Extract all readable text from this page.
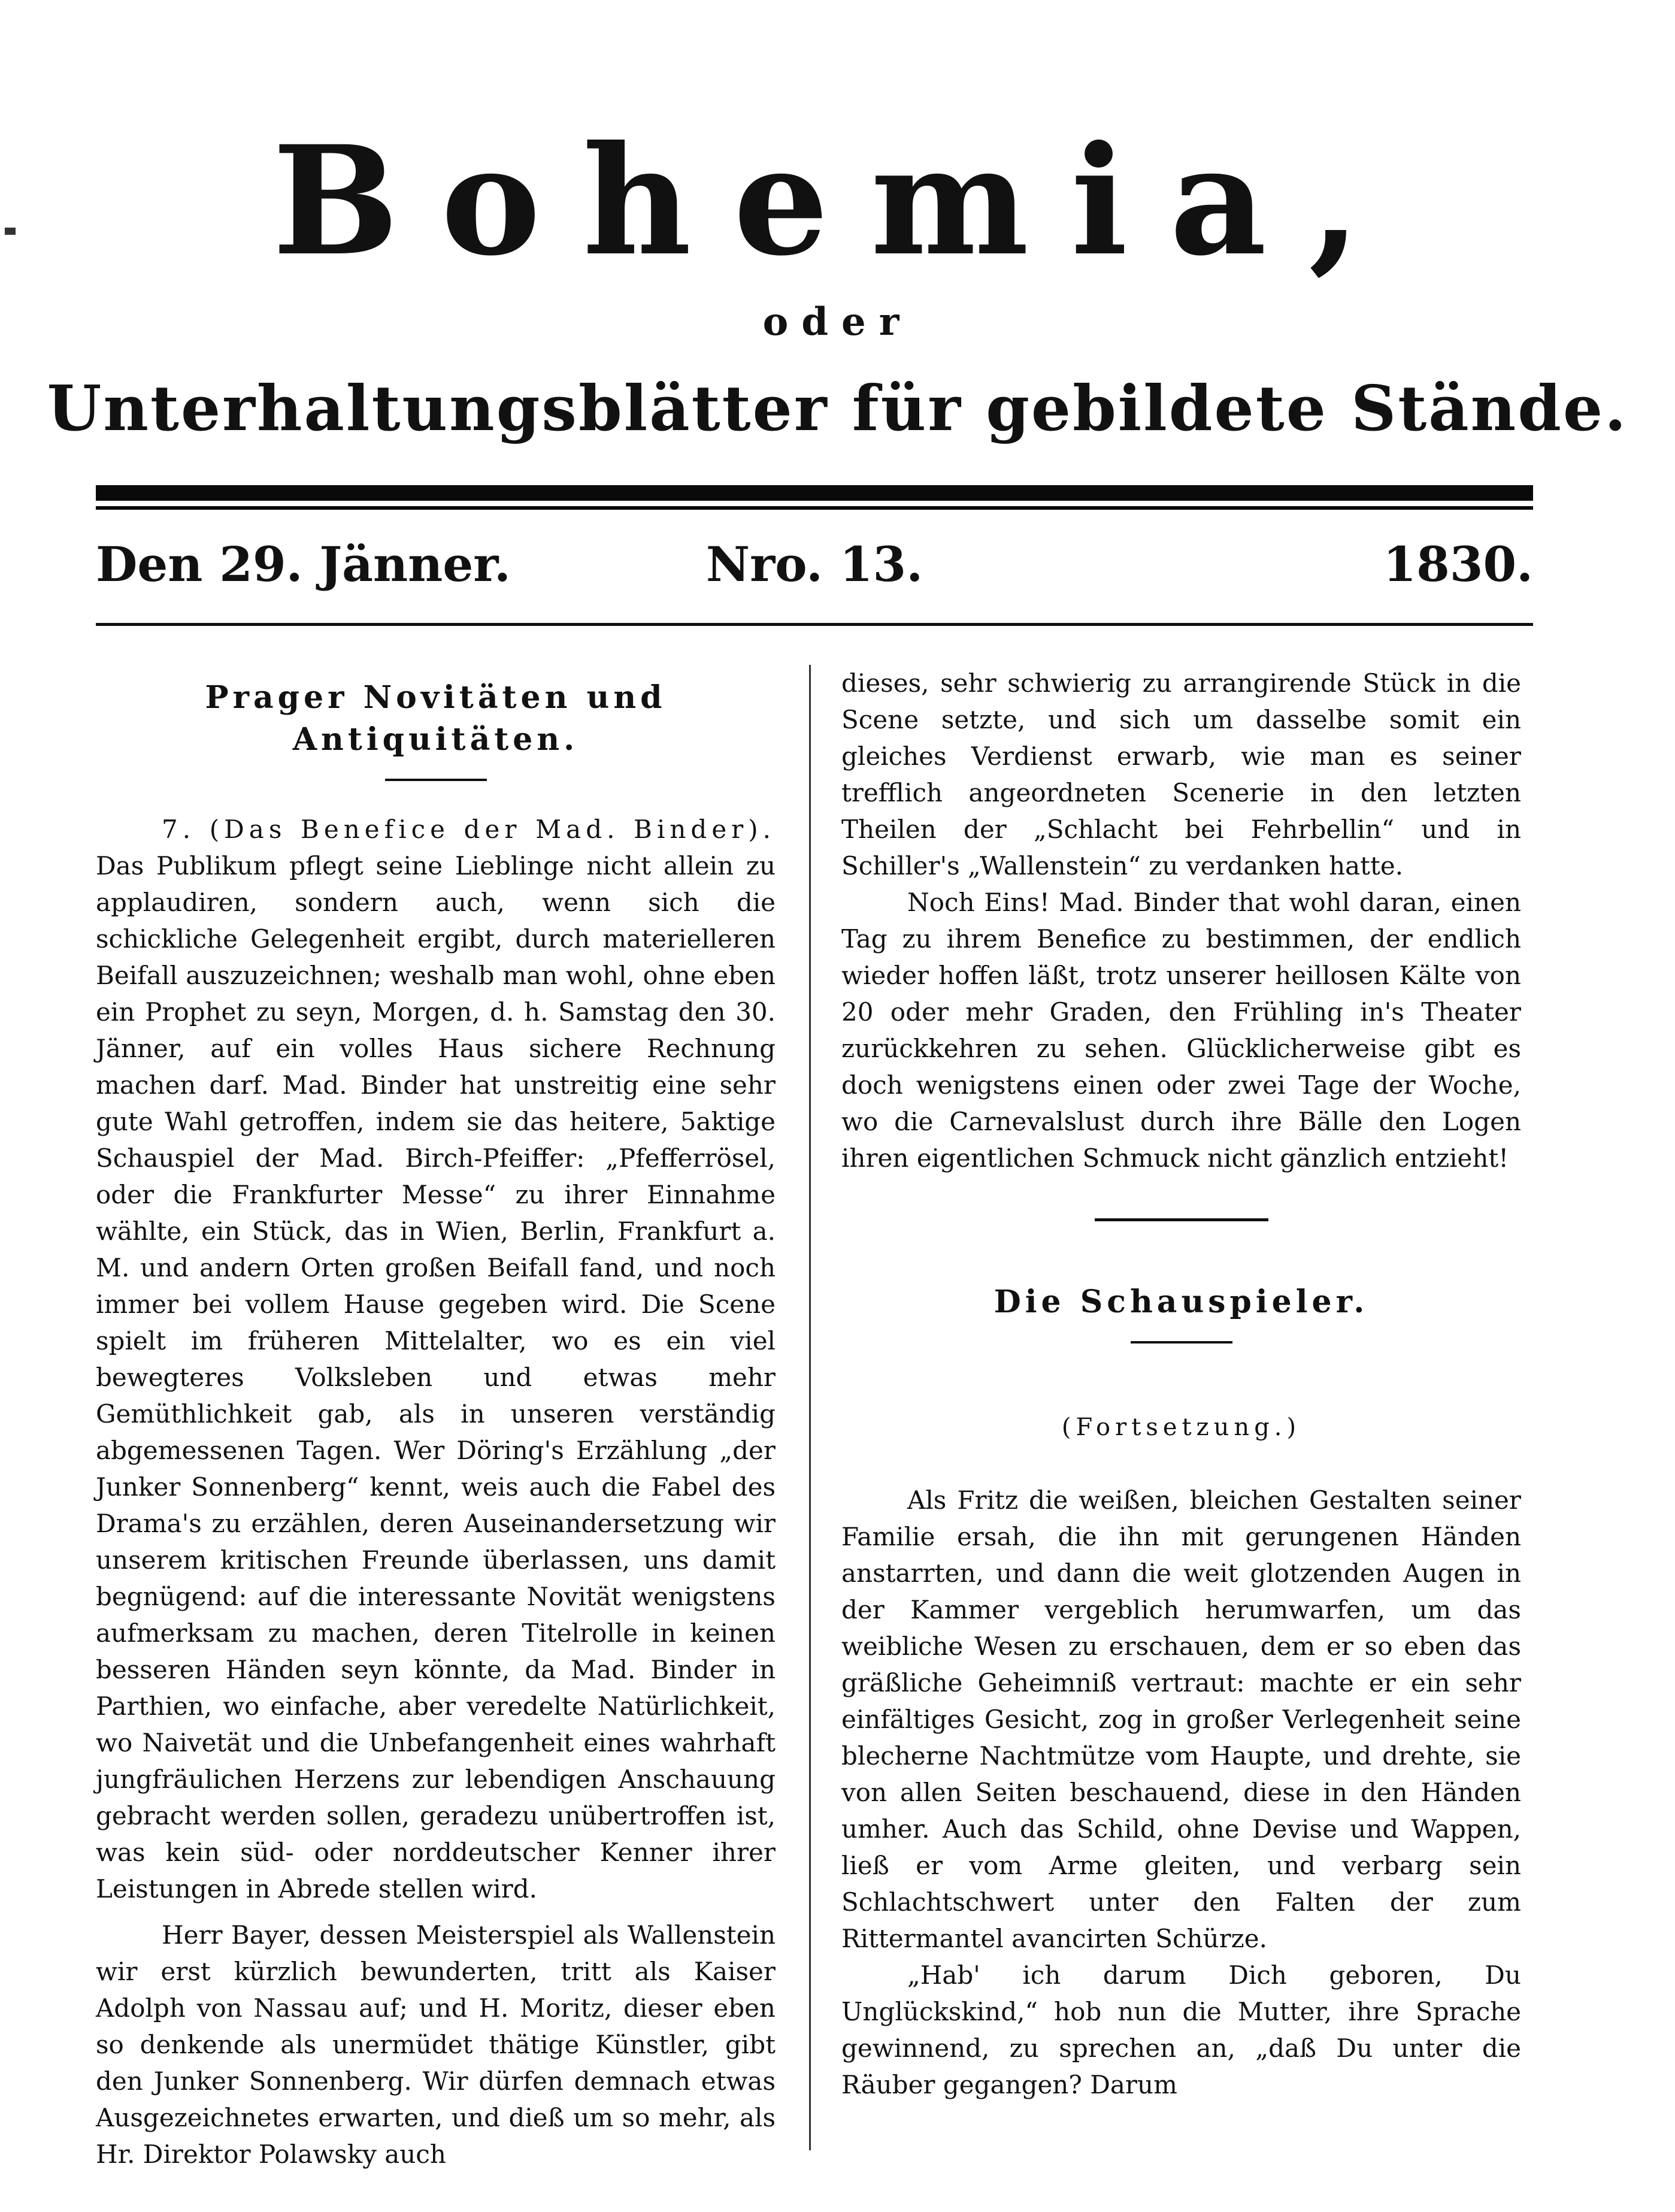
Bohemia,
oder
Unterhaltungsblätter für gebildete Stände.
Den 29. Jänner.	Nro. 13.	1830.
Prager Novitäten und Antiquitäten.

7. (Das Benefice der Mad. Binder). Das Publikum pflegt seine Lieblinge nicht allein zu applaudiren, sondern auch, wenn sich die schickliche Gelegenheit ergibt, durch materielleren Beifall auszuzeichnen; weshalb man wohl, ohne eben ein Prophet zu seyn, Morgen, d. h. Samstag den 30. Jänner, auf ein volles Haus sichere Rechnung machen darf. Mad. Binder hat unstreitig eine sehr gute Wahl getroffen, indem sie das heitere, 5aktige Schauspiel der Mad. Birch-Pfeiffer: „Pfefferrösel, oder die Frankfurter Messe“ zu ihrer Einnahme wählte, ein Stück, das in Wien, Berlin, Frankfurt a. M. und andern Orten großen Beifall fand, und noch immer bei vollem Hause gegeben wird. Die Scene spielt im früheren Mittelalter, wo es ein viel bewegteres Volksleben und etwas mehr Gemüthlichkeit gab, als in unseren verständig abgemessenen Tagen. Wer Döring's Erzählung „der Junker Sonnenberg“ kennt, weis auch die Fabel des Drama's zu erzählen, deren Auseinandersetzung wir unserem kritischen Freunde überlassen, uns damit begnügend: auf die interessante Novität wenigstens aufmerksam zu machen, deren Titelrolle in keinen besseren Händen seyn könnte, da Mad. Binder in Parthien, wo einfache, aber veredelte Natürlichkeit, wo Naivetät und die Unbefangenheit eines wahrhaft jungfräulichen Herzens zur lebendigen Anschauung gebracht werden sollen, geradezu unübertroffen ist, was kein süd- oder norddeutscher Kenner ihrer Leistungen in Abrede stellen wird.

Herr Bayer, dessen Meisterspiel als Wallenstein wir erst kürzlich bewunderten, tritt als Kaiser Adolph von Nassau auf; und H. Moritz, dieser eben so denkende als unermüdet thätige Künstler, gibt den Junker Sonnenberg. Wir dürfen demnach etwas Ausgezeichnetes erwarten, und dieß um so mehr, als Hr. Direktor Polawsky auch

dieses, sehr schwierig zu arrangirende Stück in die Scene setzte, und sich um dasselbe somit ein gleiches Verdienst erwarb, wie man es seiner trefflich angeordneten Scenerie in den letzten Theilen der „Schlacht bei Fehrbellin“ und in Schiller's „Wallenstein“ zu verdanken hatte.

Noch Eins! Mad. Binder that wohl daran, einen Tag zu ihrem Benefice zu bestimmen, der endlich wieder hoffen läßt, trotz unserer heillosen Kälte von 20 oder mehr Graden, den Frühling in's Theater zurückkehren zu sehen. Glücklicherweise gibt es doch wenigstens einen oder zwei Tage der Woche, wo die Carnevalslust durch ihre Bälle den Logen ihren eigentlichen Schmuck nicht gänzlich entzieht!

Die Schauspieler.
(Fortsetzung.)

Als Fritz die weißen, bleichen Gestalten seiner Familie ersah, die ihn mit gerungenen Händen anstarrten, und dann die weit glotzenden Augen in der Kammer vergeblich herumwarfen, um das weibliche Wesen zu erschauen, dem er so eben das gräßliche Geheimniß vertraut: machte er ein sehr einfältiges Gesicht, zog in großer Verlegenheit seine blecherne Nachtmütze vom Haupte, und drehte, sie von allen Seiten beschauend, diese in den Händen umher. Auch das Schild, ohne Devise und Wappen, ließ er vom Arme gleiten, und verbarg sein Schlachtschwert unter den Falten der zum Rittermantel avancirten Schürze.

„Hab' ich darum Dich geboren, Du Unglückskind,“ hob nun die Mutter, ihre Sprache gewinnend, zu sprechen an, „daß Du unter die Räuber gegangen? Darum
